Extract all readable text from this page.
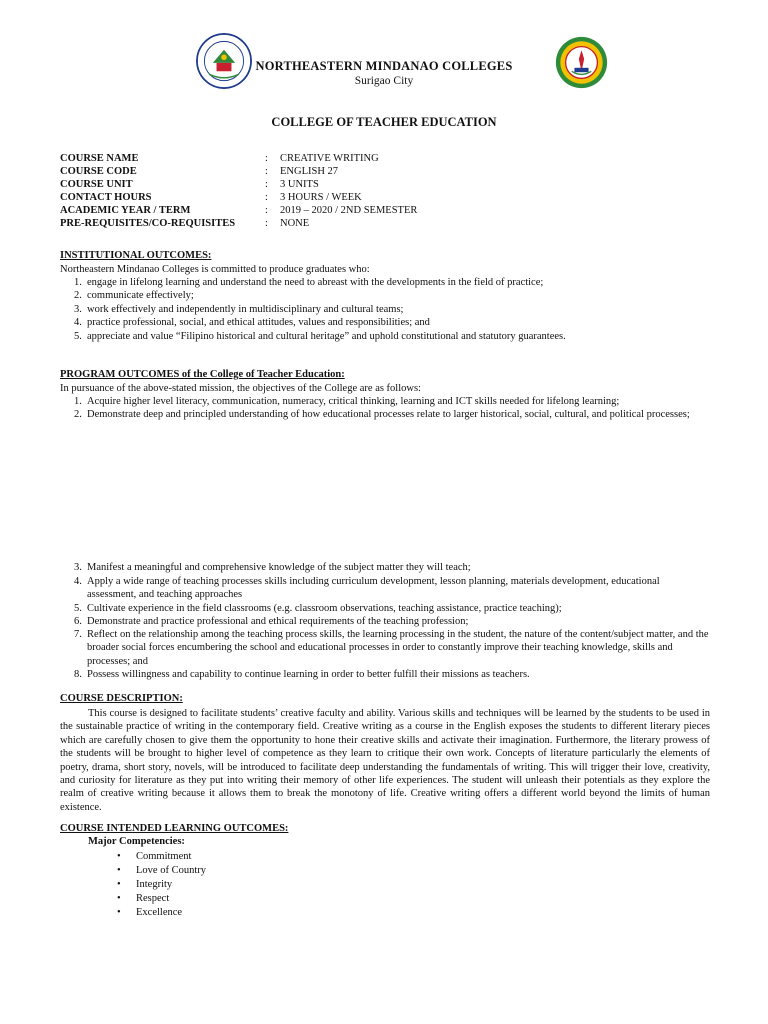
NORTHEASTERN MINDANAO COLLEGES
Surigao City
COLLEGE OF TEACHER EDUCATION
COURSE NAME	: CREATIVE WRITING
COURSE CODE	: ENGLISH 27
COURSE UNIT	: 3 UNITS
CONTACT HOURS	: 3 HOURS / WEEK
ACADEMIC YEAR / TERM	: 2019 – 2020 / 2ND SEMESTER
PRE-REQUISITES/CO-REQUISITES	: NONE
INSTITUTIONAL OUTCOMES:
Northeastern Mindanao Colleges is committed to produce graduates who:
1. engage in lifelong learning and understand the need to abreast with the developments in the field of practice;
2. communicate effectively;
3. work effectively and independently in multidisciplinary and cultural teams;
4. practice professional, social, and ethical attitudes, values and responsibilities; and
5. appreciate and value “Filipino historical and cultural heritage” and uphold constitutional and statutory guarantees.
PROGRAM OUTCOMES of the College of Teacher Education:
In pursuance of the above-stated mission, the objectives of the College are as follows:
1. Acquire higher level literacy, communication, numeracy, critical thinking, learning and ICT skills needed for lifelong learning;
2. Demonstrate deep and principled understanding of how educational processes relate to larger historical, social, cultural, and political processes;
3. Manifest a meaningful and comprehensive knowledge of the subject matter they will teach;
4. Apply a wide range of teaching processes skills including curriculum development, lesson planning, materials development, educational assessment, and teaching approaches
5. Cultivate experience in the field classrooms (e.g. classroom observations, teaching assistance, practice teaching);
6. Demonstrate and practice professional and ethical requirements of the teaching profession;
7. Reflect on the relationship among the teaching process skills, the learning processing in the student, the nature of the content/subject matter, and the broader social forces encumbering the school and educational processes in order to constantly improve their teaching knowledge, skills and processes; and
8. Possess willingness and capability to continue learning in order to better fulfill their missions as teachers.
COURSE DESCRIPTION:
This course is designed to facilitate students’ creative faculty and ability. Various skills and techniques will be learned by the students to be used in the sustainable practice of writing in the contemporary field. Creative writing as a course in the English exposes the students to different literary pieces which are carefully chosen to give them the opportunity to hone their creative skills and activate their imagination. Furthermore, the literary prowess of the students will be brought to higher level of competence as they learn to critique their own work. Concepts of literature particularly the elements of poetry, drama, short story, novels, will be introduced to facilitate deep understanding the fundamentals of writing. This will trigger their love, creativity, and curiosity for literature as they put into writing their memory of other life experiences. The student will unleash their potentials as they explore the realm of creative writing because it allows them to break the monotony of life. Creative writing offers a different world beyond the limits of human existence.
COURSE INTENDED LEARNING OUTCOMES:
Major Competencies:
• Commitment
• Love of Country
• Integrity
• Respect
• Excellence
